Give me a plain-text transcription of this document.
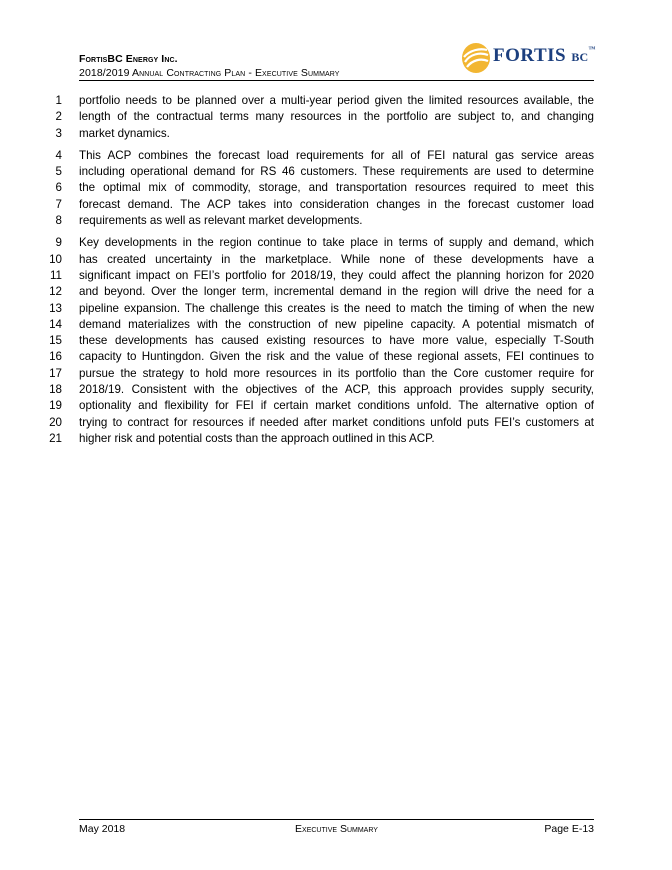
FortisBC Energy Inc.
2018/2019 Annual Contracting Plan - Executive Summary
FORTIS BC™
1 portfolio needs to be planned over a multi-year period given the limited resources available, the
2 length of the contractual terms many resources in the portfolio are subject to, and changing
3 market dynamics.
4 This ACP combines the forecast load requirements for all of FEI natural gas service areas
5 including operational demand for RS 46 customers. These requirements are used to determine
6 the optimal mix of commodity, storage, and transportation resources required to meet this
7 forecast demand. The ACP takes into consideration changes in the forecast customer load
8 requirements as well as relevant market developments.
9 Key developments in the region continue to take place in terms of supply and demand, which
10 has created uncertainty in the marketplace. While none of these developments have a
11 significant impact on FEI’s portfolio for 2018/19, they could affect the planning horizon for 2020
12 and beyond. Over the longer term, incremental demand in the region will drive the need for a
13 pipeline expansion. The challenge this creates is the need to match the timing of when the new
14 demand materializes with the construction of new pipeline capacity. A potential mismatch of
15 these developments has caused existing resources to have more value, especially T-South
16 capacity to Huntingdon. Given the risk and the value of these regional assets, FEI continues to
17 pursue the strategy to hold more resources in its portfolio than the Core customer require for
18 2018/19. Consistent with the objectives of the ACP, this approach provides supply security,
19 optionality and flexibility for FEI if certain market conditions unfold. The alternative option of
20 trying to contract for resources if needed after market conditions unfold puts FEI’s customers at
21 higher risk and potential costs than the approach outlined in this ACP.
May 2018	Executive Summary	Page E-13
